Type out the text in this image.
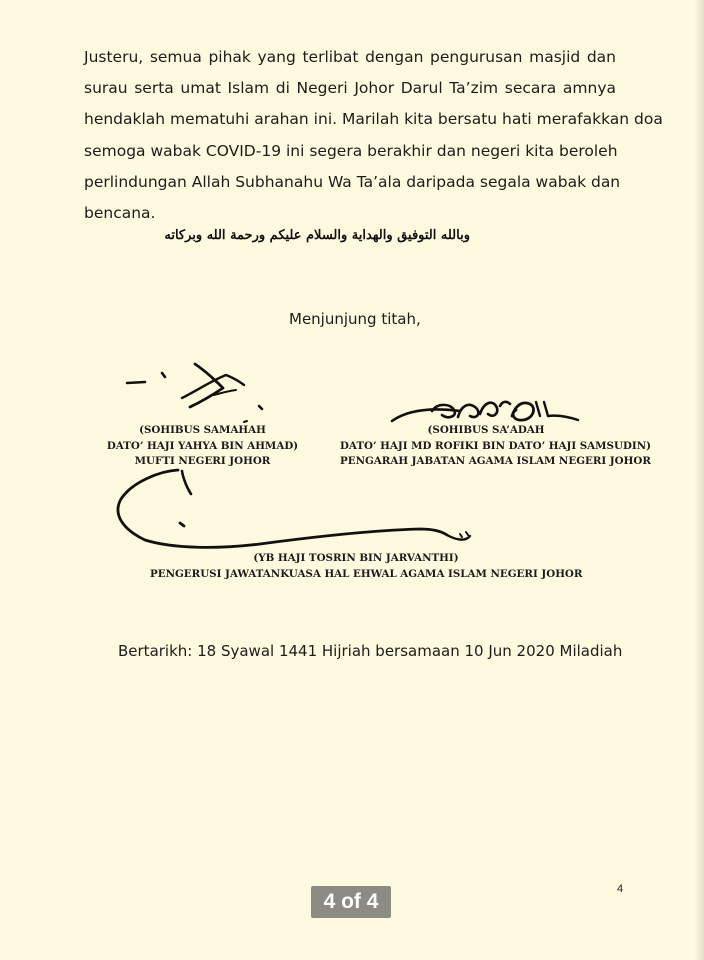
Justeru, semua pihak yang terlibat dengan pengurusan masjid dan
surau serta umat Islam di Negeri Johor Darul Ta’zim secara amnya
hendaklah mematuhi arahan ini. Marilah kita bersatu hati merafakkan doa
semoga wabak COVID-19 ini segera berakhir dan negeri kita beroleh
perlindungan Allah Subhanahu Wa Ta’ala daripada segala wabak dan
bencana.
وبالله التوفيق والهداية والسلام عليكم ورحمة الله وبركاته
Menjunjung titah,
(SOHIBUS SAMAHAH
DATO’ HAJI YAHYA BIN AHMAD)
MUFTI NEGERI JOHOR
(SOHIBUS SA’ADAH
DATO’ HAJI MD ROFIKI BIN DATO’ HAJI SAMSUDIN)
PENGARAH JABATAN AGAMA ISLAM NEGERI JOHOR
(YB HAJI TOSRIN BIN JARVANTHI)
PENGERUSI JAWATANKUASA HAL EHWAL AGAMA ISLAM NEGERI JOHOR
Bertarikh: 18 Syawal 1441 Hijriah bersamaan 10 Jun 2020 Miladiah
4 of 4
4
